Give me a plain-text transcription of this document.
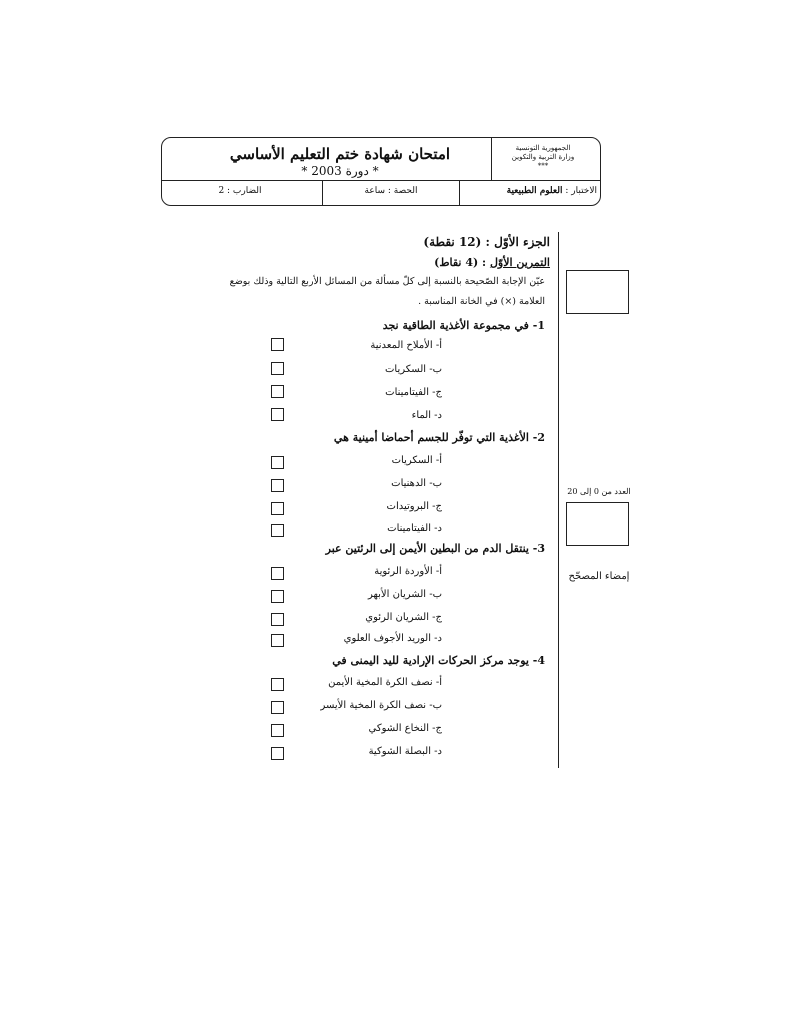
امتحان شهادة ختم التعليم الأساسي
* دورة 2003 *
الجمهورية التونسية
وزارة التربية والتكوين
***
الاختبار : العلوم الطبيعية
الحصة : ساعة
الضارب : 2
العدد من 0 إلى 20
إمضاء المصحّح
الجزء الأوّل : (12 نقطة)
التمرين الأوّل : (4 نقاط)
عيّن الإجابة الصّحيحة بالنسبة إلى كلّ مسألة من المسائل الأربع التالية وذلك بوضع
العلامة (×) في الخانة المناسبة .
1- في مجموعة الأغذية الطاقية نجد
أ- الأملاح المعدنية
ب- السكريات
ج- الفيتامينات
د- الماء
2- الأغذية التي توفّر للجسم أحماضا أمينية هي
أ- السكريات
ب- الدهنيات
ج- البروتيدات
د- الفيتامينات
3- ينتقل الدم من البطين الأيمن إلى الرئتين عبر
أ- الأوردة الرئوية
ب- الشريان الأبهر
ج- الشريان الرئوي
د- الوريد الأجوف العلوي
4- يوجد مركز الحركات الإرادية لليد اليمنى في
أ- نصف الكرة المخية الأيمن
ب- نصف الكرة المخية الأيسر
ج- النخاع الشوكي
د- البصلة الشوكية
